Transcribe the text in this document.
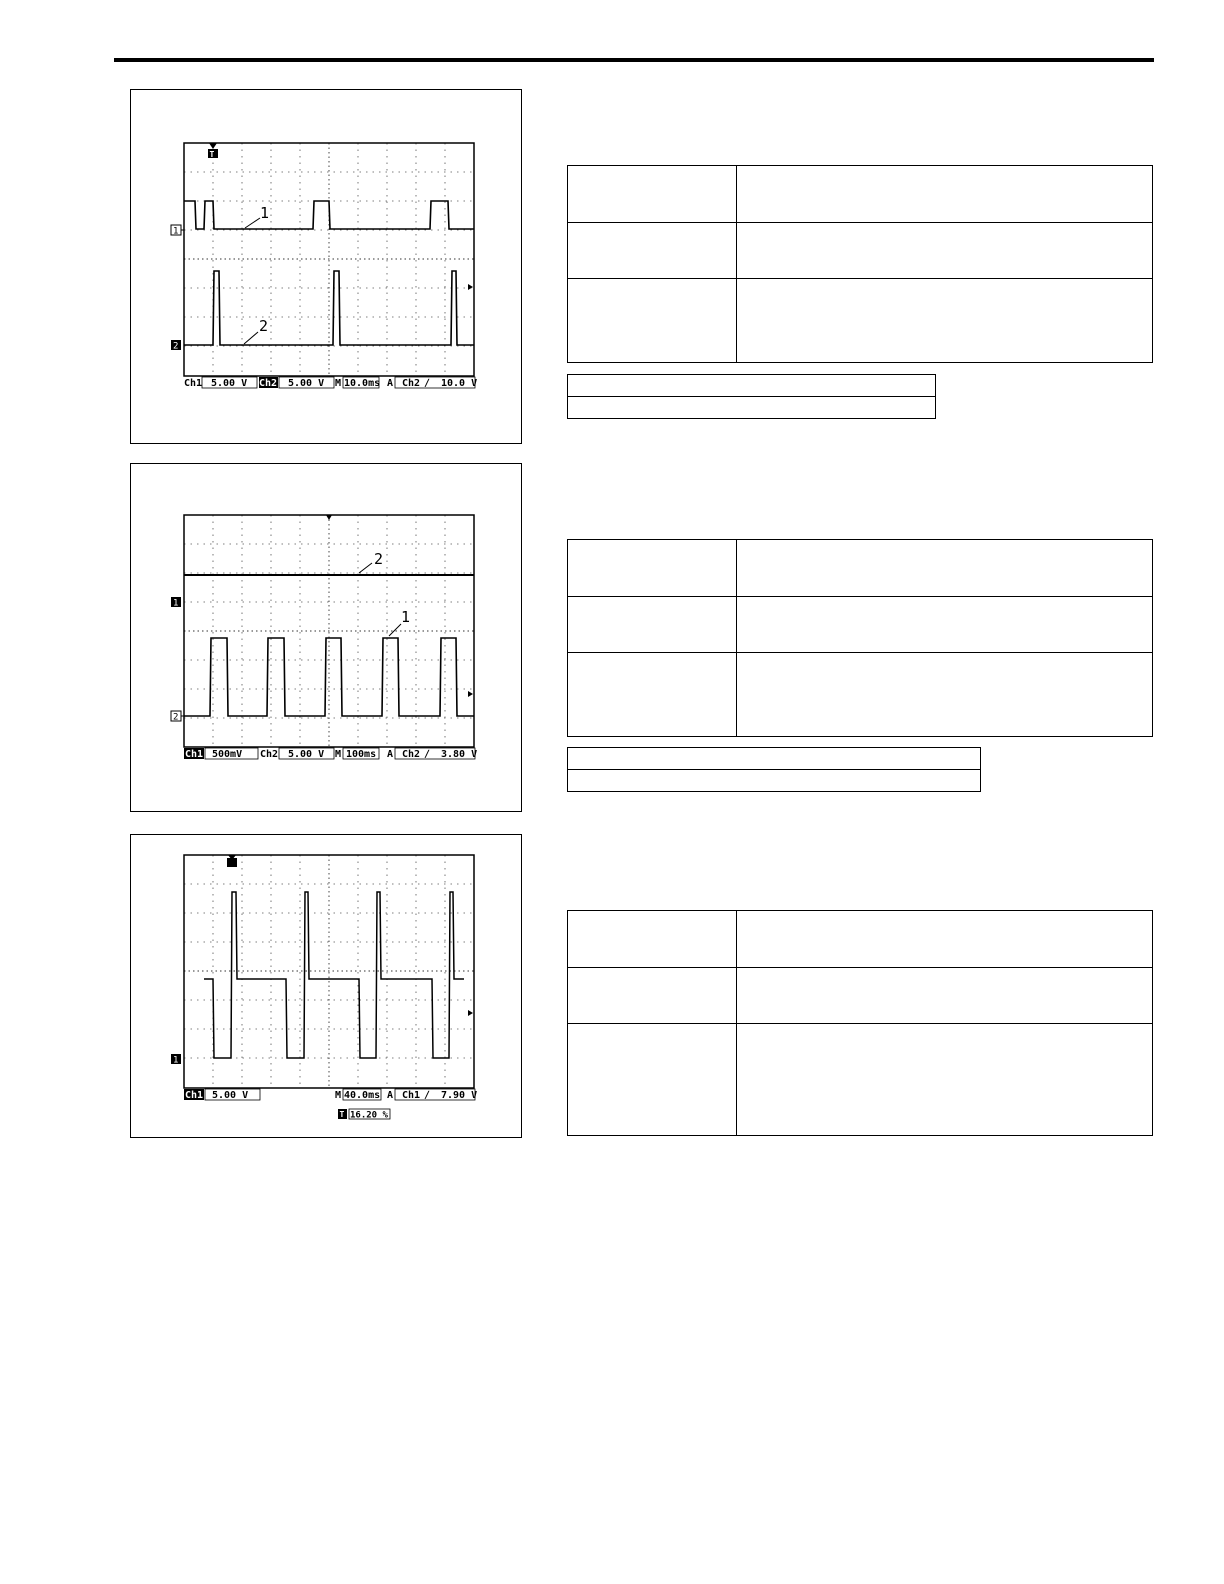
1
2
T
1
2
Ch1 5.00 V Ch2 5.00 V M 10.0ms A Ch2 ∕ 10.0 V

2
1
1
2
Ch1 500mV Ch2 5.00 V M 100ms A Ch2 ∕ 3.80 V

1
Ch1 5.00 V	M 40.0ms A Ch1 ∕ 7.90 V
T 16.20 %
